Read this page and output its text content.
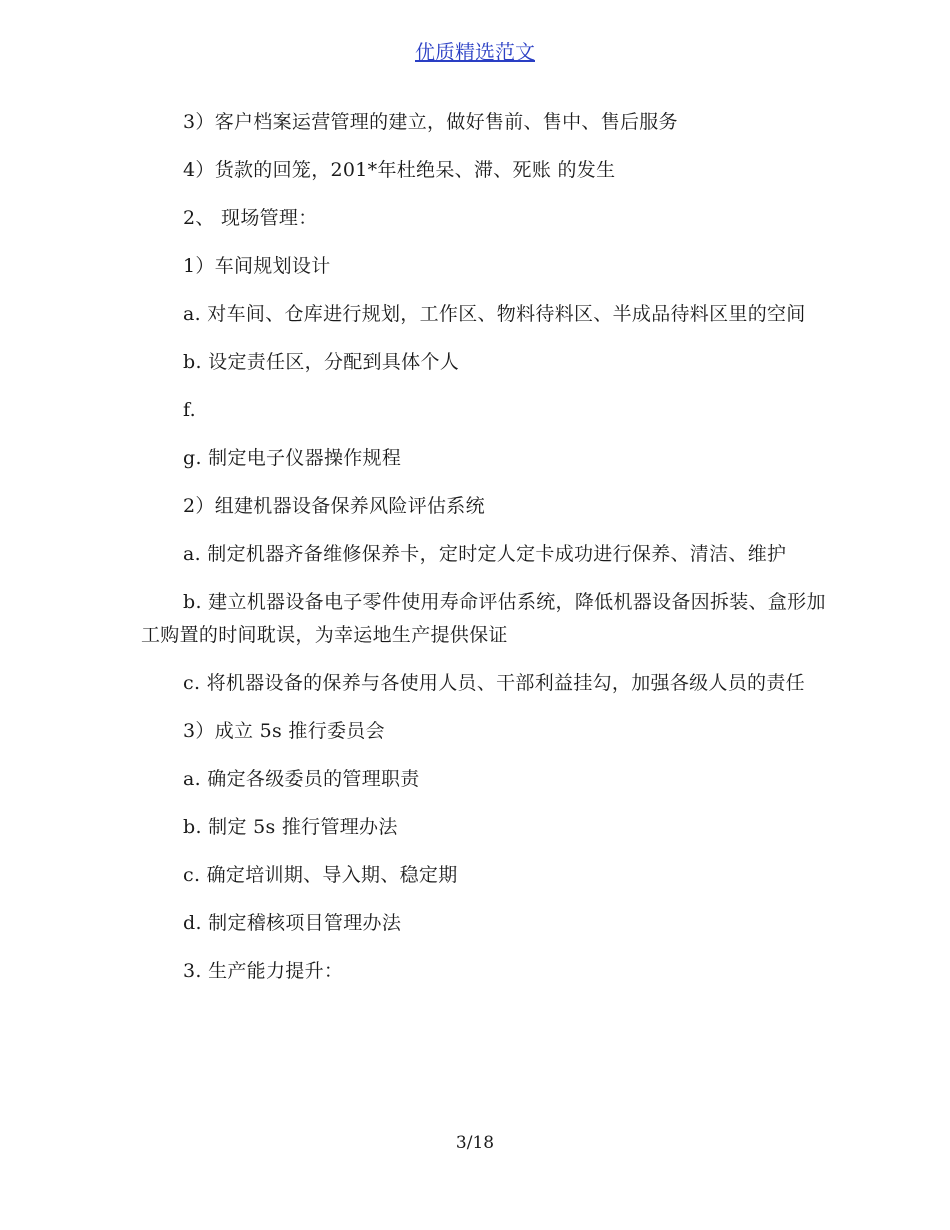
优质精选范文

3）客户档案运营管理的建立，做好售前、售中、售后服务

4）货款的回笼，201*年杜绝呆、滞、死账 的发生

2、 现场管理：

1）车间规划设计

a. 对车间、仓库进行规划，工作区、物料待料区、半成品待料区里的空间

b. 设定责任区，分配到具体个人

f.

g. 制定电子仪器操作规程

2）组建机器设备保养风险评估系统

a. 制定机器齐备维修保养卡，定时定人定卡成功进行保养、清洁、维护

b. 建立机器设备电子零件使用寿命评估系统，降低机器设备因拆装、盒形加工购置的时间耽误，为幸运地生产提供保证

c. 将机器设备的保养与各使用人员、干部利益挂勾，加强各级人员的责任

3）成立 5s 推行委员会

a. 确定各级委员的管理职责

b. 制定 5s 推行管理办法

c. 确定培训期、导入期、稳定期

d. 制定稽核项目管理办法

3. 生产能力提升：

3/18
